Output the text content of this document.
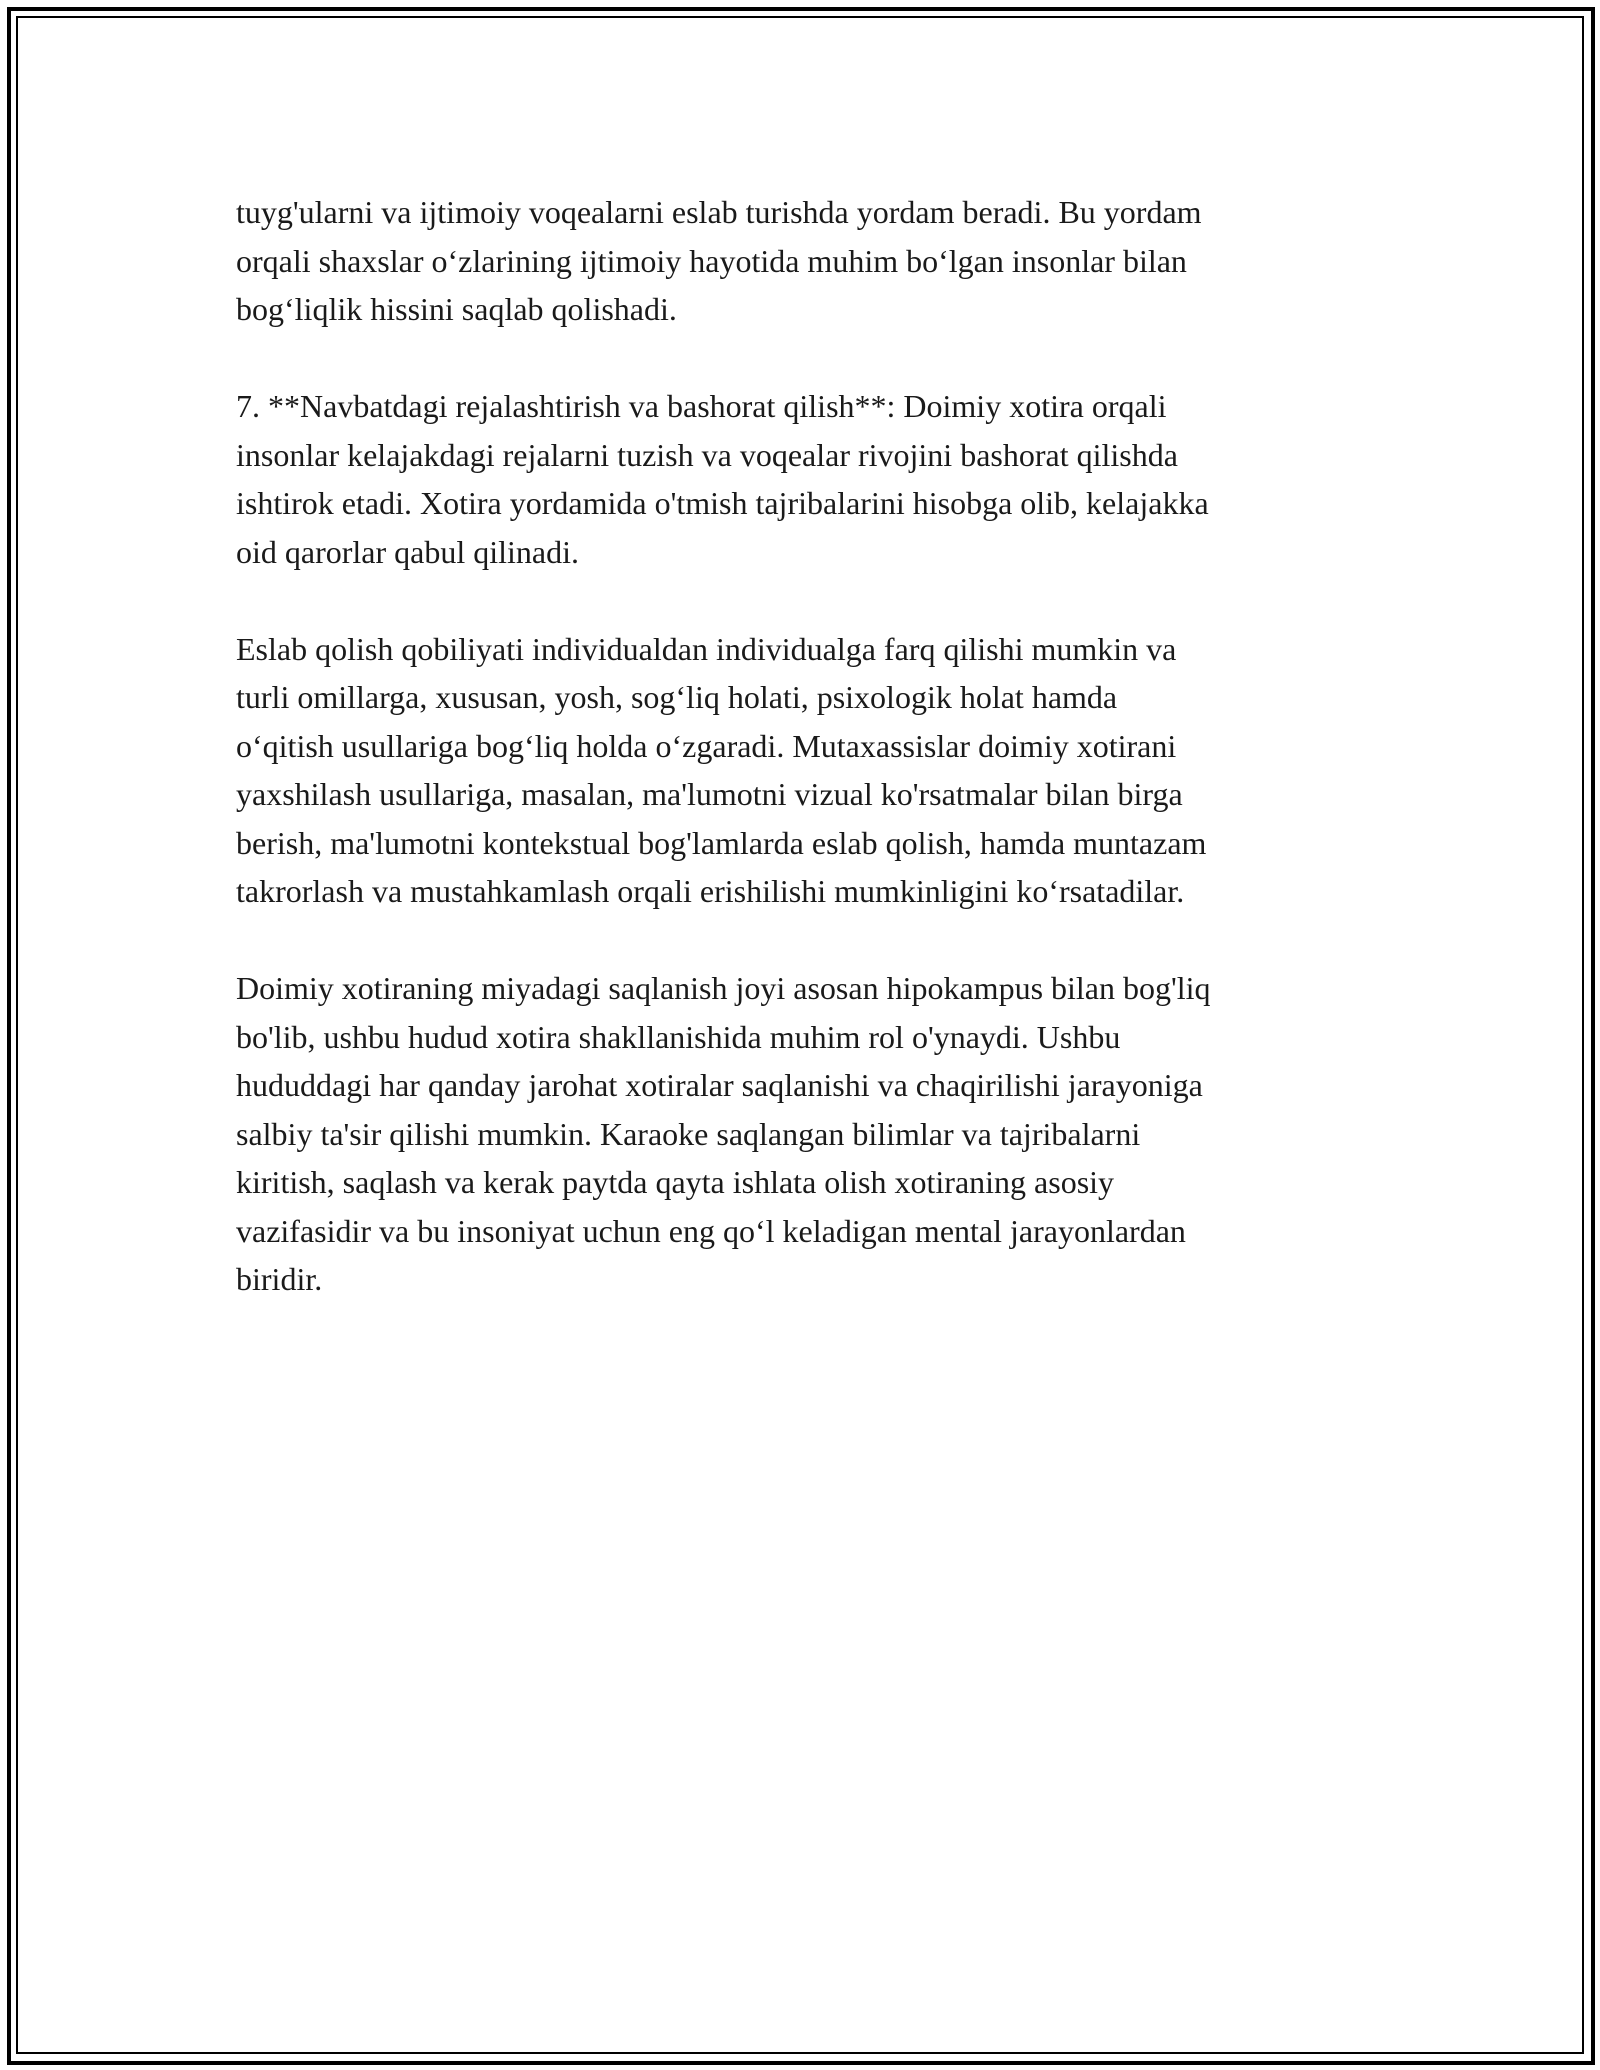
tuyg'ularni va ijtimoiy voqealarni eslab turishda yordam beradi. Bu yordam
orqali shaxslar o‘zlarining ijtimoiy hayotida muhim bo‘lgan insonlar bilan
bog‘liqlik hissini saqlab qolishadi.

7. **Navbatdagi rejalashtirish va bashorat qilish**: Doimiy xotira orqali
insonlar kelajakdagi rejalarni tuzish va voqealar rivojini bashorat qilishda
ishtirok etadi. Xotira yordamida o'tmish tajribalarini hisobga olib, kelajakka
oid qarorlar qabul qilinadi.

Eslab qolish qobiliyati individualdan individualga farq qilishi mumkin va
turli omillarga, xususan, yosh, sog‘liq holati, psixologik holat hamda
o‘qitish usullariga bog‘liq holda o‘zgaradi. Mutaxassislar doimiy xotirani
yaxshilash usullariga, masalan, ma'lumotni vizual ko'rsatmalar bilan birga
berish, ma'lumotni kontekstual bog'lamlarda eslab qolish, hamda muntazam
takrorlash va mustahkamlash orqali erishilishi mumkinligini ko‘rsatadilar.

Doimiy xotiraning miyadagi saqlanish joyi asosan hipokampus bilan bog'liq
bo'lib, ushbu hudud xotira shakllanishida muhim rol o'ynaydi. Ushbu
hududdagi har qanday jarohat xotiralar saqlanishi va chaqirilishi jarayoniga
salbiy ta'sir qilishi mumkin. Karaoke saqlangan bilimlar va tajribalarni
kiritish, saqlash va kerak paytda qayta ishlata olish xotiraning asosiy
vazifasidir va bu insoniyat uchun eng qo‘l keladigan mental jarayonlardan
biridir.
